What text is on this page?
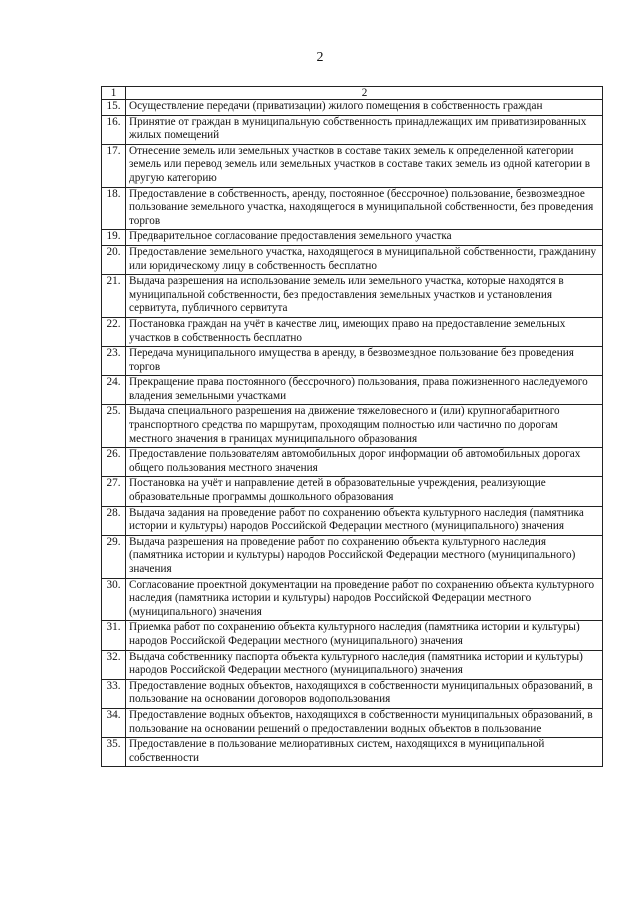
2
1	2
15.	Осуществление передачи (приватизации) жилого помещения в собственность граждан
16.	Принятие от граждан в муниципальную собственность принадлежащих им приватизированных жилых помещений
17.	Отнесение земель или земельных участков в составе таких земель к определенной категории земель или перевод земель или земельных участков в составе таких земель из одной категории в другую категорию
18.	Предоставление в собственность, аренду, постоянное (бессрочное) пользование, безвозмездное пользование земельного участка, находящегося в муниципальной собственности, без проведения торгов
19.	Предварительное согласование предоставления земельного участка
20.	Предоставление земельного участка, находящегося в муниципальной собственности, гражданину или юридическому лицу в собственность бесплатно
21.	Выдача разрешения на использование земель или земельного участка, которые находятся в муниципальной собственности, без предоставления земельных участков и установления сервитута, публичного сервитута
22.	Постановка граждан на учёт в качестве лиц, имеющих право на предоставление земельных участков в собственность бесплатно
23.	Передача муниципального имущества в аренду, в безвозмездное пользование без проведения торгов
24.	Прекращение права постоянного (бессрочного) пользования, права пожизненного наследуемого владения земельными участками
25.	Выдача специального разрешения на движение тяжеловесного и (или) крупногабаритного транспортного средства по маршрутам, проходящим полностью или частично по дорогам местного значения в границах муниципального образования
26.	Предоставление пользователям автомобильных дорог информации об автомобильных дорогах общего пользования местного значения
27.	Постановка на учёт и направление детей в образовательные учреждения, реализующие образовательные программы дошкольного образования
28.	Выдача задания на проведение работ по сохранению объекта культурного наследия (памятника истории и культуры) народов Российской Федерации местного (муниципального) значения
29.	Выдача разрешения на проведение работ по сохранению объекта культурного наследия (памятника истории и культуры) народов Российской Федерации местного (муниципального) значения
30.	Согласование проектной документации на проведение работ по сохранению объекта культурного наследия (памятника истории и культуры) народов Российской Федерации местного (муниципального) значения
31.	Приемка работ по сохранению объекта культурного наследия (памятника истории и культуры) народов Российской Федерации местного (муниципального) значения
32.	Выдача собственнику паспорта объекта культурного наследия (памятника истории и культуры) народов Российской Федерации местного (муниципального) значения
33.	Предоставление водных объектов, находящихся в собственности муниципальных образований, в пользование на основании договоров водопользования
34.	Предоставление водных объектов, находящихся в собственности муниципальных образований, в пользование на основании решений о предоставлении водных объектов в пользование
35.	Предоставление в пользование мелиоративных систем, находящихся в муниципальной собственности
